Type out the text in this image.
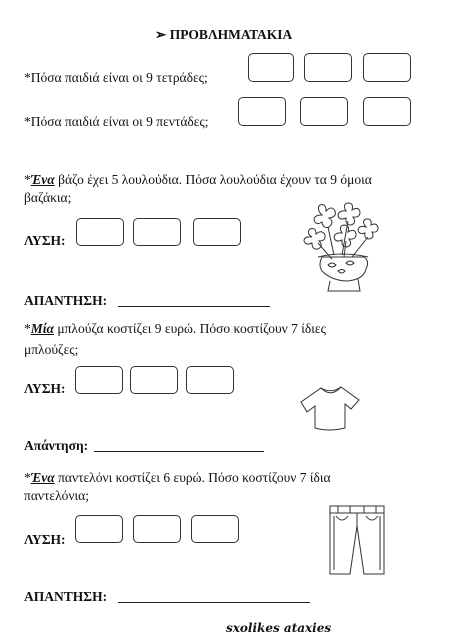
➢ ΠΡΟΒΛΗΜΑΤΑΚΙΑ
*Πόσα παιδιά είναι οι 9 τετράδες;
*Πόσα παιδιά είναι οι 9 πεντάδες;
*Ένα βάζο έχει 5 λουλούδια. Πόσα λουλούδια έχουν τα 9 όμοια
βαζάκια;
ΛΥΣΗ:
ΑΠΑΝΤΗΣΗ:
*Μία μπλούζα κοστίζει 9 ευρώ. Πόσο κοστίζουν 7 ίδιες
μπλούζες;
ΛΥΣΗ:
Απάντηση:
*Ένα παντελόνι κοστίζει 6 ευρώ. Πόσο κοστίζουν 7 ίδια
παντελόνια;
ΛΥΣΗ:
ΑΠΑΝΤΗΣΗ:
sxolikes ataxies
